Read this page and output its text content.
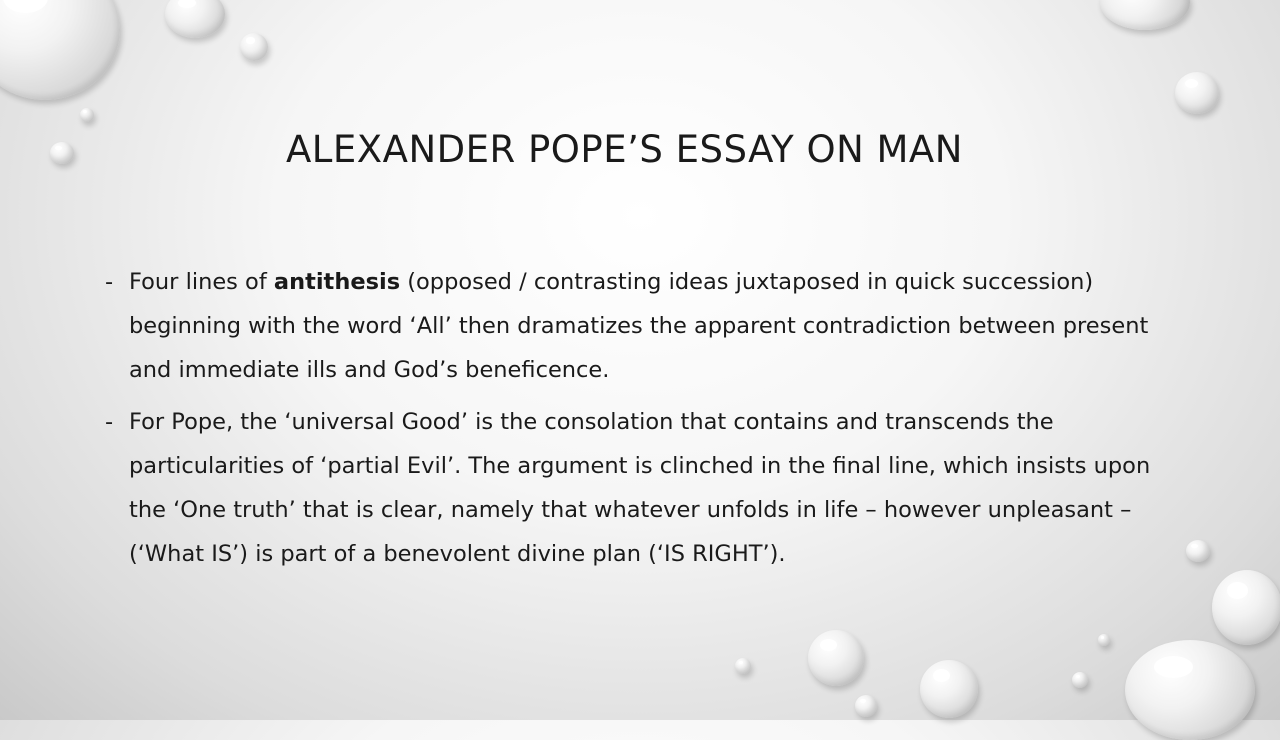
ALEXANDER POPE’S ESSAY ON MAN

- Four lines of antithesis (opposed / contrasting ideas juxtaposed in quick succession) beginning with the word ‘All’ then dramatizes the apparent contradiction between present and immediate ills and God’s beneficence.

- For Pope, the ‘universal Good’ is the consolation that contains and transcends the particularities of ‘partial Evil’. The argument is clinched in the final line, which insists upon the ‘One truth’ that is clear, namely that whatever unfolds in life – however unpleasant – (‘What IS’) is part of a benevolent divine plan (‘IS RIGHT’).
